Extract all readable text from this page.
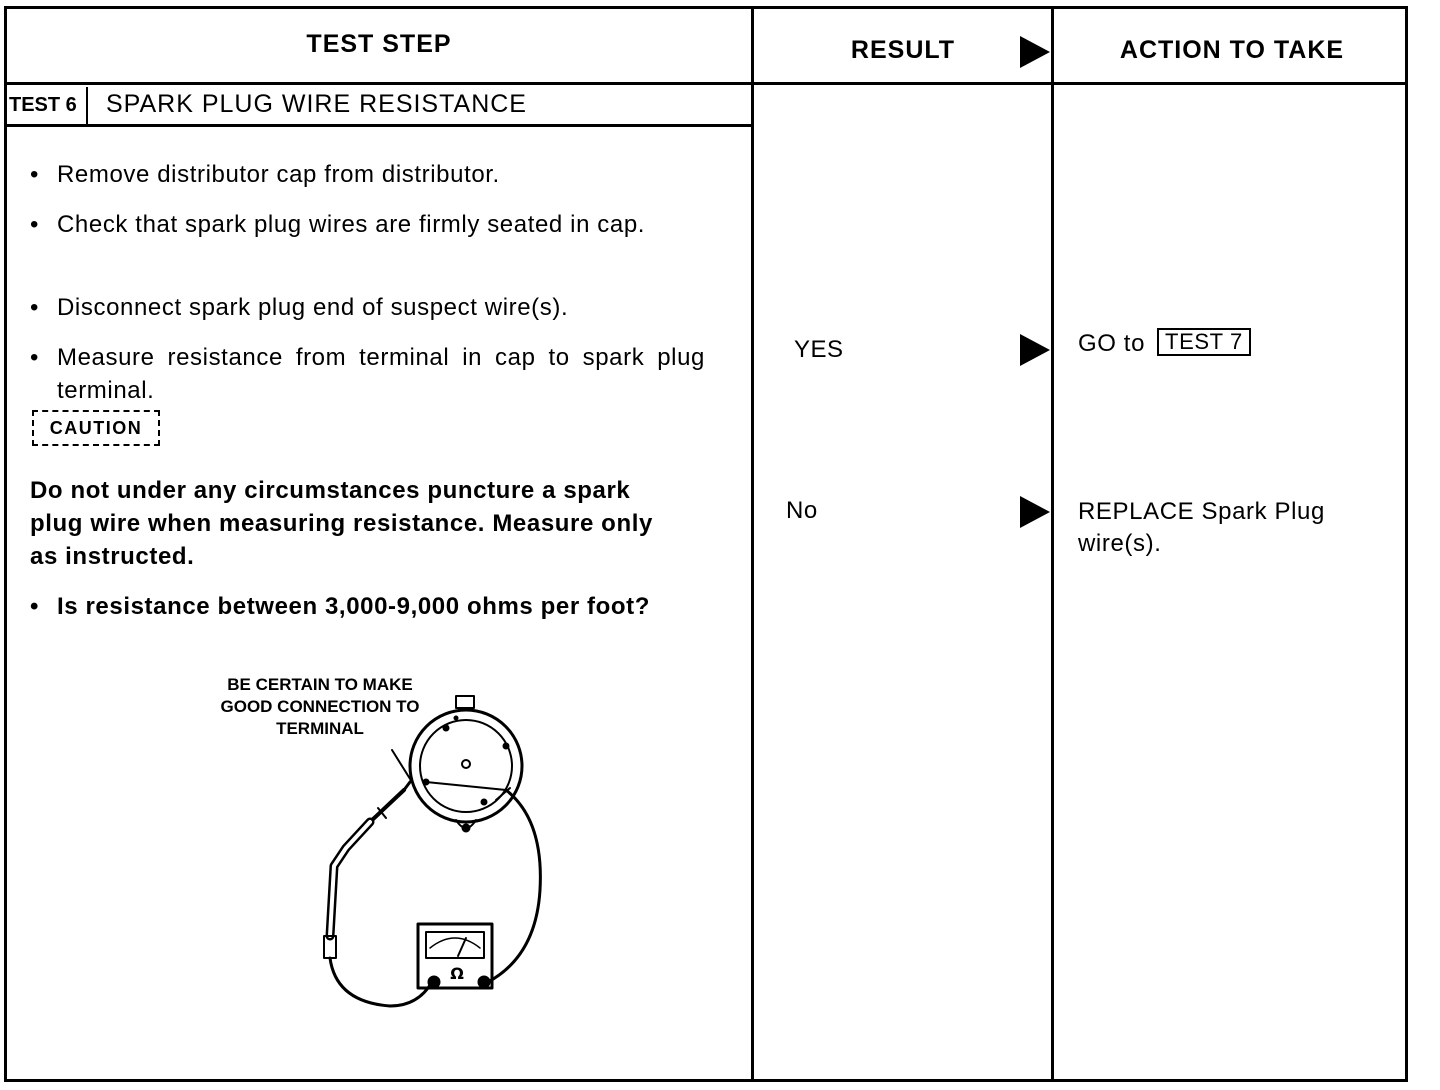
TEST STEP	RESULT	ACTION TO TAKE
TEST 6	SPARK PLUG WIRE RESISTANCE
• Remove distributor cap from distributor.
• Check that spark plug wires are firmly seated in cap.
• Disconnect spark plug end of suspect wire(s).
• Measure resistance from terminal in cap to spark plug terminal.
CAUTION
Do not under any circumstances puncture a spark plug wire when measuring resistance. Measure only as instructed.
• Is resistance between 3,000-9,000 ohms per foot?
BE CERTAIN TO MAKE GOOD CONNECTION TO TERMINAL
Ω
YES	GO to TEST 7
No	REPLACE Spark Plug wire(s).
